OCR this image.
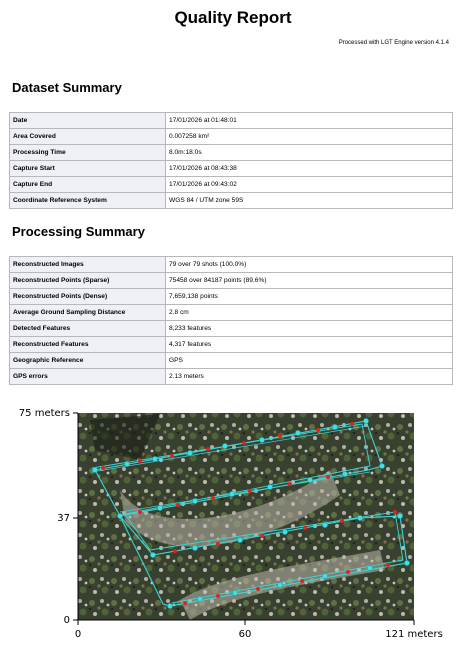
Quality Report
Processed with LGT Engine version 4.1.4
Dataset Summary
Date	17/01/2026 at 01:48:01
Area Covered	0.007258 km²
Processing Time	8.0m:18.0s
Capture Start	17/01/2026 at 08:43:38
Capture End	17/01/2026 at 09:43:02
Coordinate Reference System	WGS 84 / UTM zone 59S
Processing Summary
Reconstructed Images	79 over 79 shots (100.0%)
Reconstructed Points (Sparse)	75458 over 84187 points (89.6%)
Reconstructed Points (Dense)	7,659,138 points
Average Ground Sampling Distance	2.8 cm
Detected Features	8,233 features
Reconstructed Features	4,317 features
Geographic Reference	GPS
GPS errors	2.13 meters
75 meters
37
0
0	60	121 meters
